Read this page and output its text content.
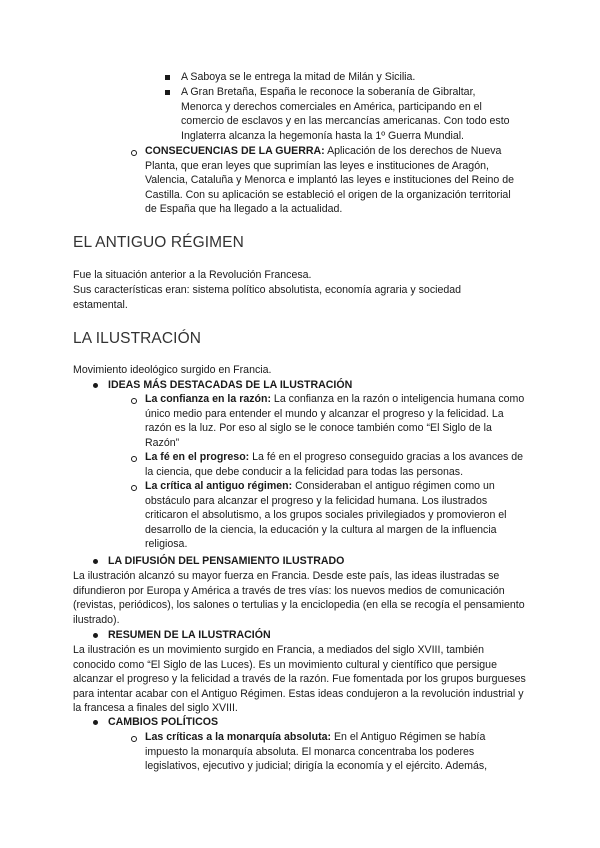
A Saboya se le entrega la mitad de Milán y Sicilia.

A Gran Bretaña, España le reconoce la soberanía de Gibraltar, Menorca y derechos comerciales en América, participando en el comercio de esclavos y en las mercancías americanas. Con todo esto Inglaterra alcanza la hegemonía hasta la 1º Guerra Mundial.

CONSECUENCIAS DE LA GUERRA: Aplicación de los derechos de Nueva Planta, que eran leyes que suprimían las leyes e instituciones de Aragón, Valencia, Cataluña y Menorca e implantó las leyes e instituciones del Reino de Castilla. Con su aplicación se estableció el origen de la organización territorial de España que ha llegado a la actualidad.

EL ANTIGUO RÉGIMEN

Fue la situación anterior a la Revolución Francesa.

Sus características eran: sistema político absolutista, economía agraria y sociedad estamental.

LA ILUSTRACIÓN

Movimiento ideológico surgido en Francia.

IDEAS MÁS DESTACADAS DE LA ILUSTRACIÓN

La confianza en la razón: La confianza en la razón o inteligencia humana como único medio para entender el mundo y alcanzar el progreso y la felicidad. La razón es la luz. Por eso al siglo se le conoce también como “El Siglo de la Razón”

La fé en el progreso: La fé en el progreso conseguido gracias a los avances de la ciencia, que debe conducir a la felicidad para todas las personas.

La crítica al antiguo régimen: Consideraban el antiguo régimen como un obstáculo para alcanzar el progreso y la felicidad humana. Los ilustrados criticaron el absolutismo, a los grupos sociales privilegiados y promovieron el desarrollo de la ciencia, la educación y la cultura al margen de la influencia religiosa.

LA DIFUSIÓN DEL PENSAMIENTO ILUSTRADO

La ilustración alcanzó su mayor fuerza en Francia. Desde este país, las ideas ilustradas se difundieron por Europa y América a través de tres vías: los nuevos medios de comunicación (revistas, periódicos), los salones o tertulias y la enciclopedia (en ella se recogía el pensamiento ilustrado).

RESUMEN DE LA ILUSTRACIÓN

La ilustración es un movimiento surgido en Francia, a mediados del siglo XVIII, también conocido como “El Siglo de las Luces). Es un movimiento cultural y científico que persigue alcanzar el progreso y la felicidad a través de la razón. Fue fomentada por los grupos burgueses para intentar acabar con el Antiguo Régimen. Estas ideas condujeron a la revolución industrial y la francesa a finales del siglo XVIII.

CAMBIOS POLÍTICOS

Las críticas a la monarquía absoluta: En el Antiguo Régimen se había impuesto la monarquía absoluta. El monarca concentraba los poderes legislativos, ejecutivo y judicial; dirigía la economía y el ejército. Además,
